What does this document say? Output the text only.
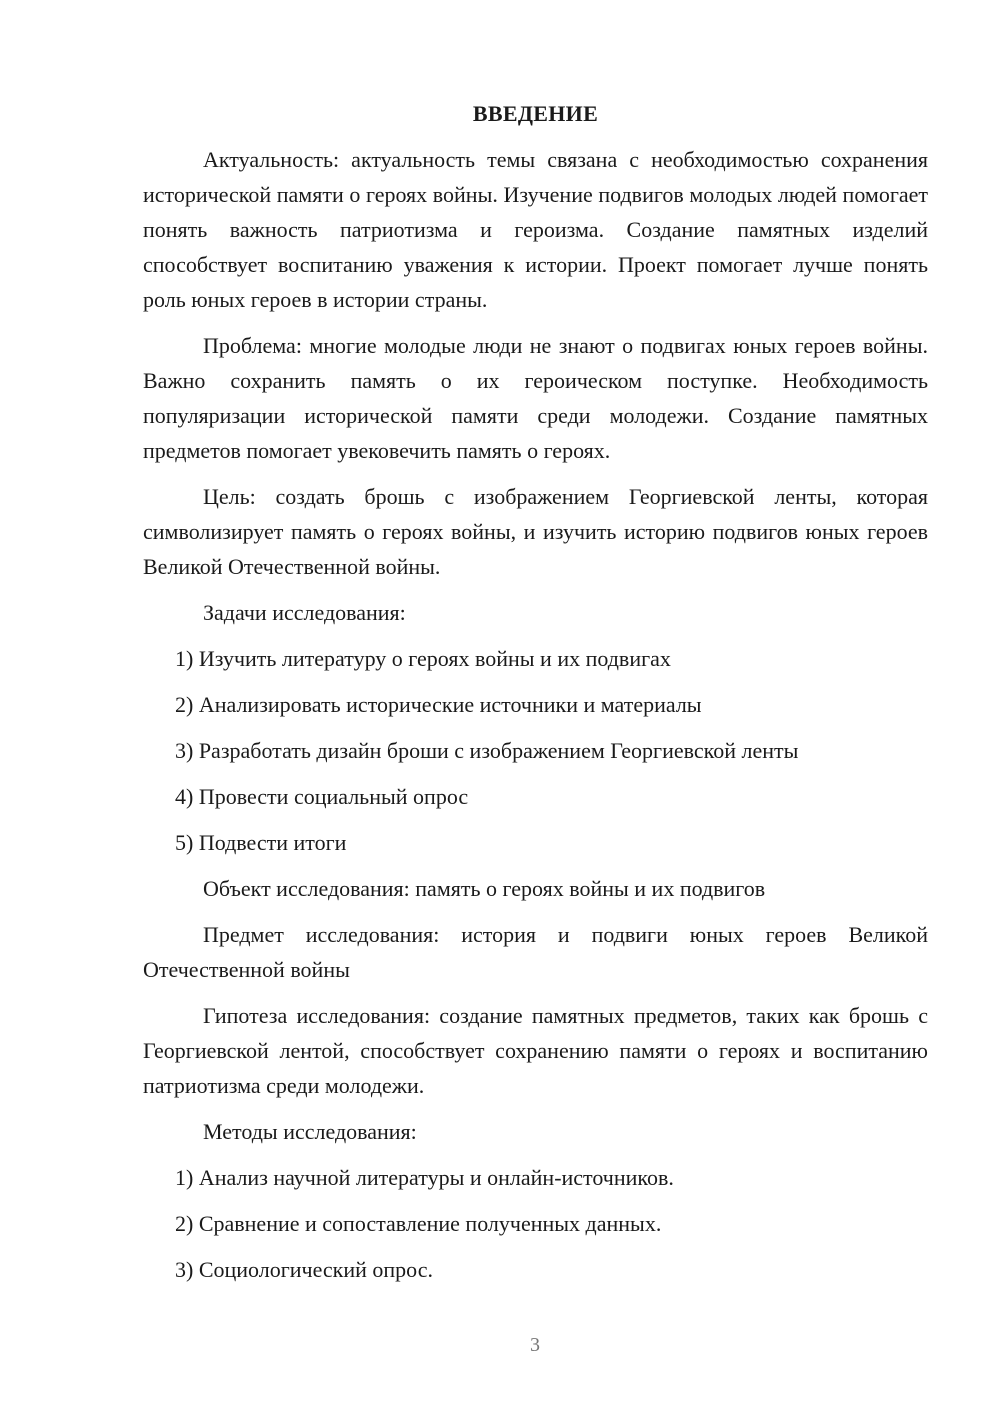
ВВЕДЕНИЕ

Актуальность: актуальность темы связана с необходимостью сохранения исторической памяти о героях войны. Изучение подвигов молодых людей помогает понять важность патриотизма и героизма. Создание памятных изделий способствует воспитанию уважения к истории. Проект помогает лучше понять роль юных героев в истории страны.

Проблема: многие молодые люди не знают о подвигах юных героев войны. Важно сохранить память о их героическом поступке. Необходимость популяризации исторической памяти среди молодежи. Создание памятных предметов помогает увековечить память о героях.

Цель: создать брошь с изображением Георгиевской ленты, которая символизирует память о героях войны, и изучить историю подвигов юных героев Великой Отечественной войны.

Задачи исследования:

1) Изучить литературу о героях войны и их подвигах
2) Анализировать исторические источники и материалы
3) Разработать дизайн броши с изображением Георгиевской ленты
4) Провести социальный опрос
5) Подвести итоги

Объект исследования: память о героях войны и их подвигов

Предмет исследования: история и подвиги юных героев Великой Отечественной войны

Гипотеза исследования: создание памятных предметов, таких как брошь с Георгиевской лентой, способствует сохранению памяти о героях и воспитанию патриотизма среди молодежи.

Методы исследования:

1) Анализ научной литературы и онлайн-источников.
2) Сравнение и сопоставление полученных данных.
3) Социологический опрос.
3
